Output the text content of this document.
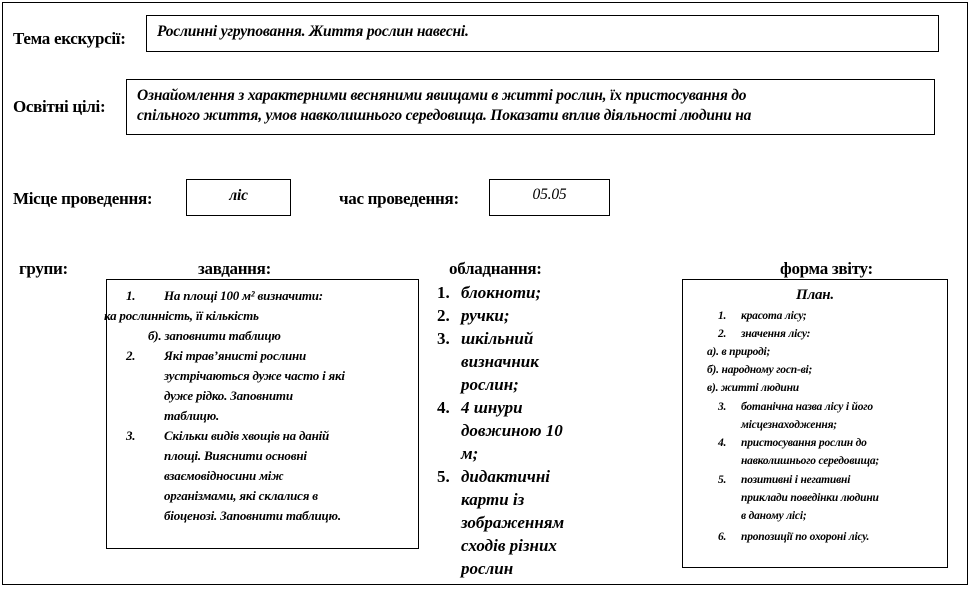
Тема екскурсії: Рослинні угруповання. Життя рослин навесні.
Освітні цілі:
Ознайомлення з характерними весняними явищами в житті рослин, їх пристосування до
спільного життя, умов навколишнього середовища. Показати вплив діяльності людини на
Місце проведення:	ліс	час проведення:	05.05
групи:	завдання:	обладнання:	форма звіту:
1. На площі 100 м² визначити:
ка рослинність, її кількість
б). заповнити таблицю
2. Які трав’янисті рослини
зустрічаються дуже часто і які
дуже рідко. Заповнити
таблицю.
3. Скільки видів хвощів на даній
площі. Вияснити основні
взаємовідносини між
організмами, які склалися в
біоценозі. Заповнити таблицю.
1. блокноти;
2. ручки;
3. шкільний
визначник
рослин;
4. 4 шнури
довжиною 10
м;
5. дидактичні
карти із
зображенням
сходів різних
рослин
План.
1. красота лісу;
2. значення лісу:
а). в природі;
б). народному госп-ві;
в). житті людини
3. ботанічна назва лісу і його
місцезнаходження;
4. пристосування рослин до
навколишнього середовища;
5. позитивні і негативні
приклади поведінки людини
в даному лісі;
6. пропозиції по охороні лісу.
